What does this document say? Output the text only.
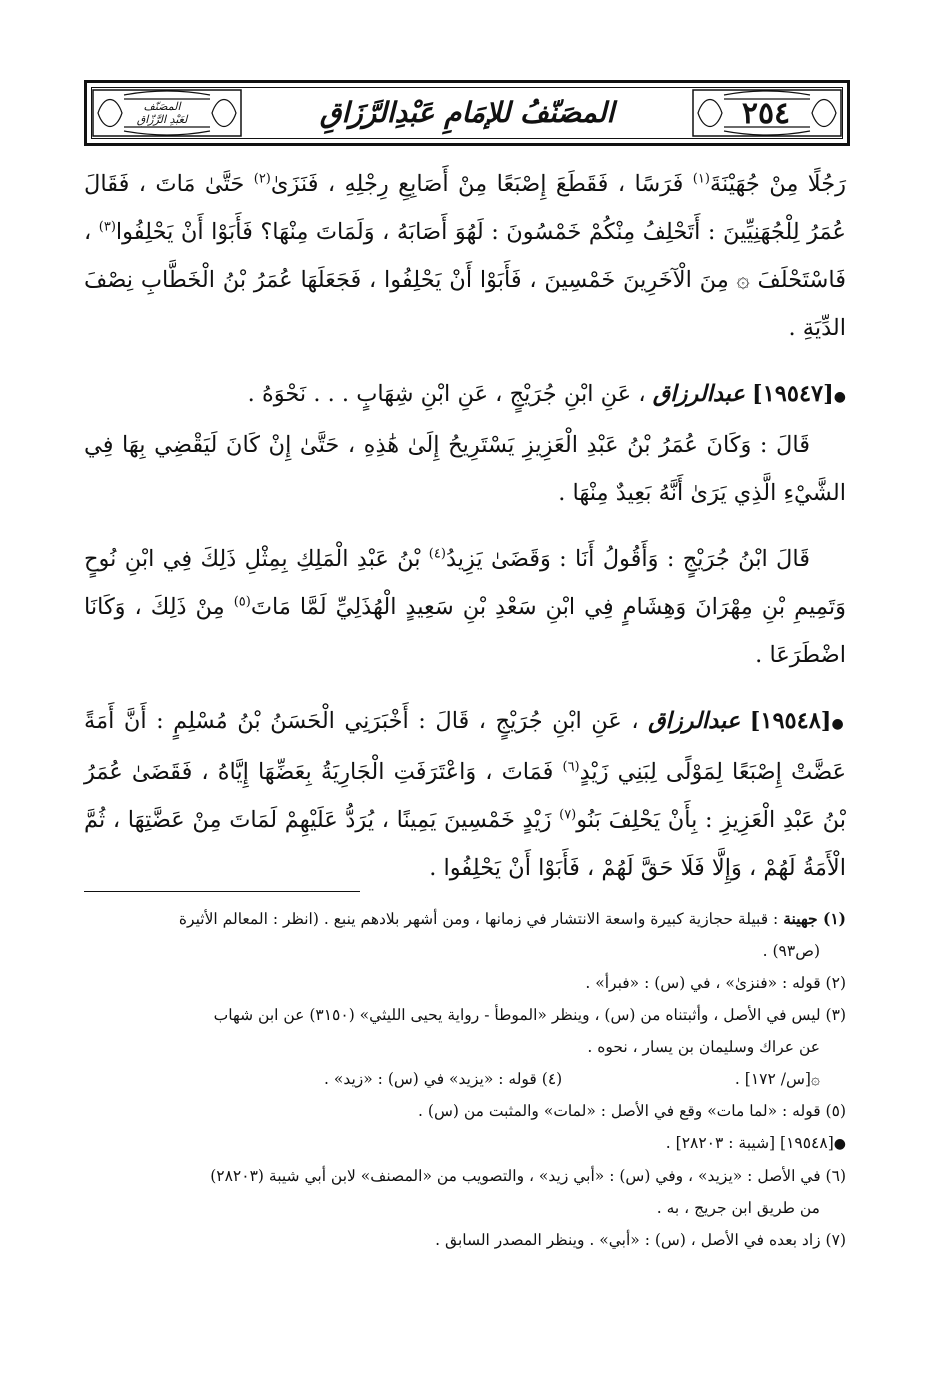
٢٥٤
المصَنّفُ للإمَامِ عَبْدِالرَّزَاقِ
المصَنّف
لعَبْدِ الرَّزّاقِ

رَجُلًا مِنْ جُهَيْنَةَ$^{(١)}$ فَرَسًا ، فَقَطَعَ إِصْبَعًا مِنْ أَصَابِعِ رِجْلِهِ ، فَنَزَىٰ$^{(٢)}$ حَتَّىٰ مَاتَ ، فَقَالَ عُمَرُ لِلْجُهَنِيِّينَ : أَتَحْلِفُ مِنْكُمْ خَمْسُونَ : لَهُوَ أَصَابَهُ ، وَلَمَاتَ مِنْهَا؟ فَأَبَوْا أَنْ يَحْلِفُوا$^{(٣)}$ ، فَاسْتَحْلَفَ ۞ مِنَ الْآخَرِينَ خَمْسِينَ ، فَأَبَوْا أَنْ يَحْلِفُوا ، فَجَعَلَهَا عُمَرُ بْنُ الْخَطَّابِ نِصْفَ الدِّيَةِ .

●[١٩٥٤٧] عبدالرزاق ، عَنِ ابْنِ جُرَيْجٍ ، عَنِ ابْنِ شِهَابٍ . . . نَحْوَهُ .

قَالَ : وَكَانَ عُمَرُ بْنُ عَبْدِ الْعَزِيزِ يَسْتَرِيحُ إِلَىٰ هَٰذِهِ ، حَتَّىٰ إِنْ كَانَ لَيَقْضِي بِهَا فِي الشَّيْءِ الَّذِي يَرَىٰ أَنَّهُ بَعِيدٌ مِنْهَا .

قَالَ ابْنُ جُرَيْجٍ : وَأَقُولُ أَنَا : وَقَضَىٰ يَزِيدُ$^{(٤)}$ بْنُ عَبْدِ الْمَلِكِ بِمِثْلِ ذَلِكَ فِي ابْنِ نُوحٍ وَتَمِيمِ بْنِ مِهْرَانَ وَهِشَامٍ فِي ابْنِ سَعْدِ بْنِ سَعِيدٍ الْهُذَلِيِّ لَمَّا مَاتَ$^{(٥)}$ مِنْ ذَلِكَ ، وَكَانَا اضْطَرَعَا .

●[١٩٥٤٨] عبدالرزاق ، عَنِ ابْنِ جُرَيْجٍ ، قَالَ : أَخْبَرَنِي الْحَسَنُ بْنُ مُسْلِمٍ : أَنَّ أَمَةً عَضَّتْ إِصْبَعًا لِمَوْلًى لِبَنِي زَيْدٍ$^{(٦)}$ فَمَاتَ ، وَاعْتَرَفَتِ الْجَارِيَةُ بِعَضِّهَا إِيَّاهُ ، فَقَضَىٰ عُمَرُ بْنُ عَبْدِ الْعَزِيزِ : بِأَنْ يَحْلِفَ بَنُو$^{(٧)}$ زَيْدٍ خَمْسِينَ يَمِينًا ، يُرَدُّ عَلَيْهِمْ لَمَاتَ مِنْ عَضَّتِهَا ، ثُمَّ الْأَمَةُ لَهُمْ ، وَإِلَّا فَلَا حَقَّ لَهُمْ ، فَأَبَوْا أَنْ يَحْلِفُوا .

(١) جهينة : قبيلة حجازية كبيرة واسعة الانتشار في زمانها ، ومن أشهر بلادهم ينبع . (انظر : المعالم الأثيرة

(ص٩٣) .

(٢) قوله : «فنزىٰ» ، في (س) : «فبرأ» .

(٣) ليس في الأصل ، وأثبتناه من (س) ، وينظر «الموطأ - رواية يحيى الليثي» (٣١٥٠) عن ابن شهاب

عن عراك وسليمان بن يسار ، نحوه .

۞[س/ ١٧٢] .
(٤) قوله : «يزيد» في (س) : «زيد» .

(٥) قوله : «لما مات» وقع في الأصل : «لمات» والمثبت من (س) .

●[١٩٥٤٨] [شيبة : ٢٨٢٠٣] .

(٦) في الأصل : «يزيد» ، وفي (س) : «أبي زيد» ، والتصويب من «المصنف» لابن أبي شيبة (٢٨٢٠٣)

من طريق ابن جريج ، به .

(٧) زاد بعده في الأصل ، (س) : «أبي» . وينظر المصدر السابق .
